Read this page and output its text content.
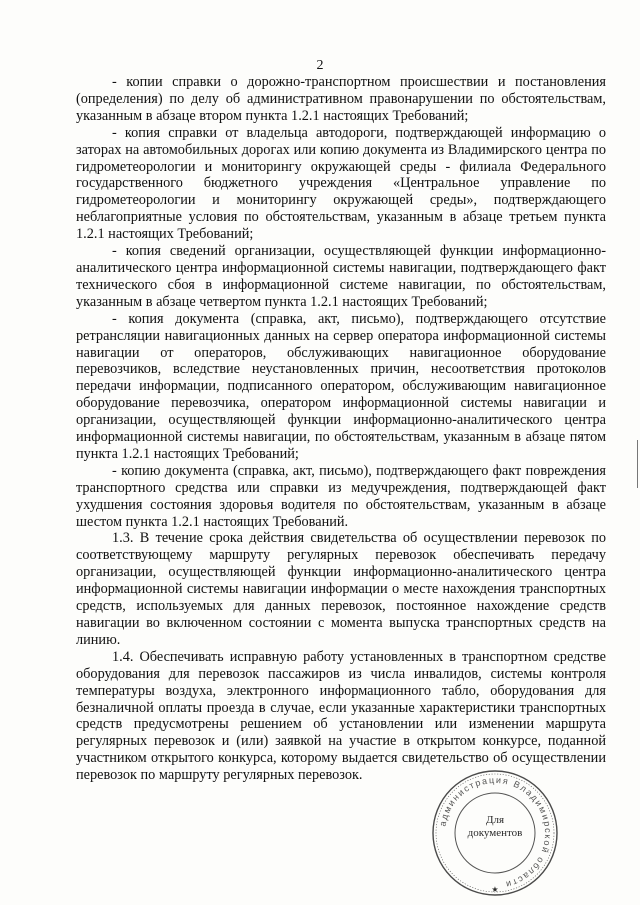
2

- копии справки о дорожно-транспортном происшествии и постановления (определения) по делу об административном правонарушении по обстоятельствам, указанным в абзаце втором пункта 1.2.1 настоящих Требований;

- копия справки от владельца автодороги, подтверждающей информацию о заторах на автомобильных дорогах или копию документа из Владимирского центра по гидрометеорологии и мониторингу окружающей среды - филиала Федерального государственного бюджетного учреждения «Центральное управление по гидрометеорологии и мониторингу окружающей среды», подтверждающего неблагоприятные условия по обстоятельствам, указанным в абзаце третьем пункта 1.2.1 настоящих Требований;

- копия сведений организации, осуществляющей функции информационно-аналитического центра информационной системы навигации, подтверждающего факт технического сбоя в информационной системе навигации, по обстоятельствам, указанным в абзаце четвертом пункта 1.2.1 настоящих Требований;

- копия документа (справка, акт, письмо), подтверждающего отсутствие ретрансляции навигационных данных на сервер оператора информационной системы навигации от операторов, обслуживающих навигационное оборудование перевозчиков, вследствие неустановленных причин, несоответствия протоколов передачи информации, подписанного оператором, обслуживающим навигационное оборудование перевозчика, оператором информационной системы навигации и организации, осуществляющей функции информационно-аналитического центра информационной системы навигации, по обстоятельствам, указанным в абзаце пятом пункта 1.2.1 настоящих Требований;

- копию документа (справка, акт, письмо), подтверждающего факт повреждения транспортного средства или справки из медучреждения, подтверждающей факт ухудшения состояния здоровья водителя по обстоятельствам, указанным в абзаце шестом пункта 1.2.1 настоящих Требований.

1.3. В течение срока действия свидетельства об осуществлении перевозок по соответствующему маршруту регулярных перевозок обеспечивать передачу организации, осуществляющей функции информационно-аналитического центра информационной системы навигации информации о месте нахождения транспортных средств, используемых для данных перевозок, постоянное нахождение средств навигации во включенном состоянии с момента выпуска транспортных средств на линию.

1.4. Обеспечивать исправную работу установленных в транспортном средстве оборудования для перевозок пассажиров из числа инвалидов, системы контроля температуры воздуха, электронного информационного табло, оборудования для безналичной оплаты проезда в случае, если указанные характеристики транспортных средств предусмотрены решением об установлении или изменении маршрута регулярных перевозок и (или) заявкой на участие в открытом конкурсе, поданной участником открытого конкурса, которому выдается свидетельство об осуществлении перевозок по маршруту регулярных перевозок.

администрация Владимирской области
Для документов
★
